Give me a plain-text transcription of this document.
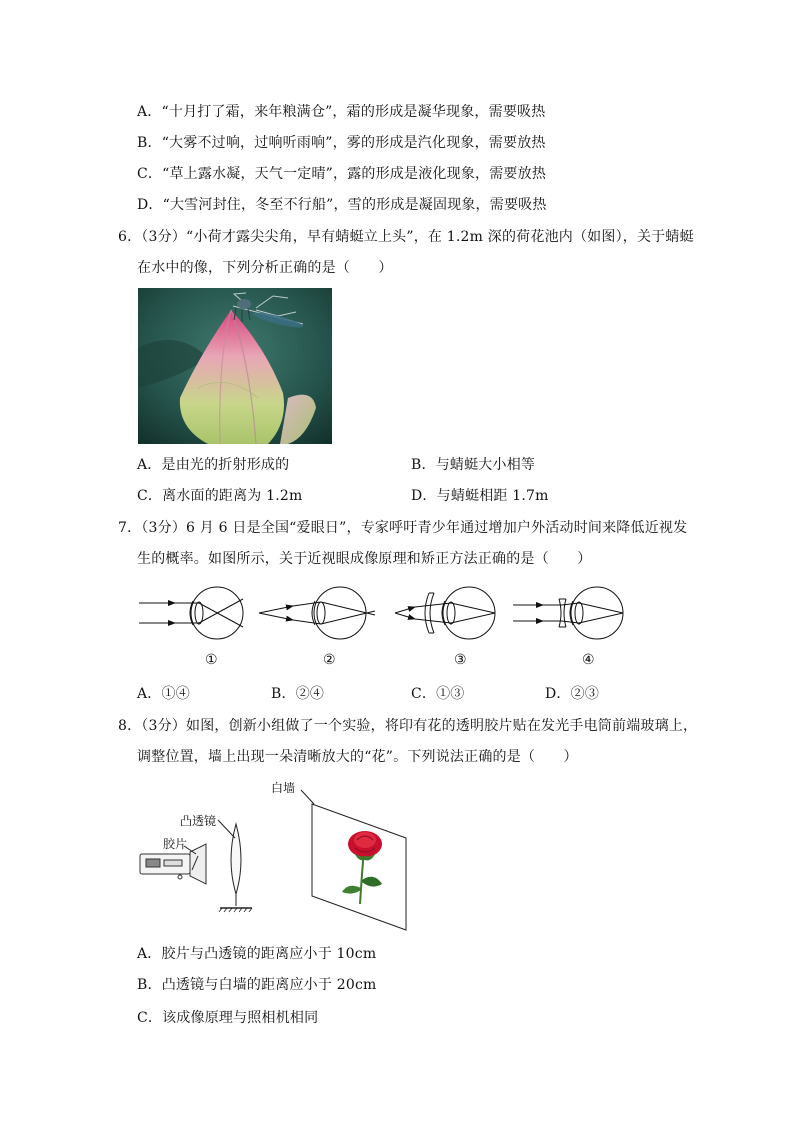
A．“十月打了霜，来年粮满仓”，霜的形成是凝华现象，需要吸热
B．“大雾不过响，过响听雨响”，雾的形成是汽化现象，需要放热
C．“草上露水凝，天气一定晴”，露的形成是液化现象，需要放热
D．“大雪河封住，冬至不行船”，雪的形成是凝固现象，需要吸热
6．（3分）“小荷才露尖尖角，早有蜻蜓立上头”，在 1.2m 深的荷花池内（如图），关于蜻蜓
在水中的像，下列分析正确的是（　　）
A．是由光的折射形成的	B．与蜻蜓大小相等
C．离水面的距离为 1.2m	D．与蜻蜓相距 1.7m
7．（3分）6 月 6 日是全国“爱眼日”，专家呼吁青少年通过增加户外活动时间来降低近视发
生的概率。如图所示，关于近视眼成像原理和矫正方法正确的是（　　）
①	②	③	④
A．①④	B．②④	C．①③	D．②③
8．（3分）如图，创新小组做了一个实验，将印有花的透明胶片贴在发光手电筒前端玻璃上，
调整位置，墙上出现一朵清晰放大的“花”。下列说法正确的是（　　）
白墙
凸透镜
胶片
A．胶片与凸透镜的距离应小于 10cm
B．凸透镜与白墙的距离应小于 20cm
C．该成像原理与照相机相同
